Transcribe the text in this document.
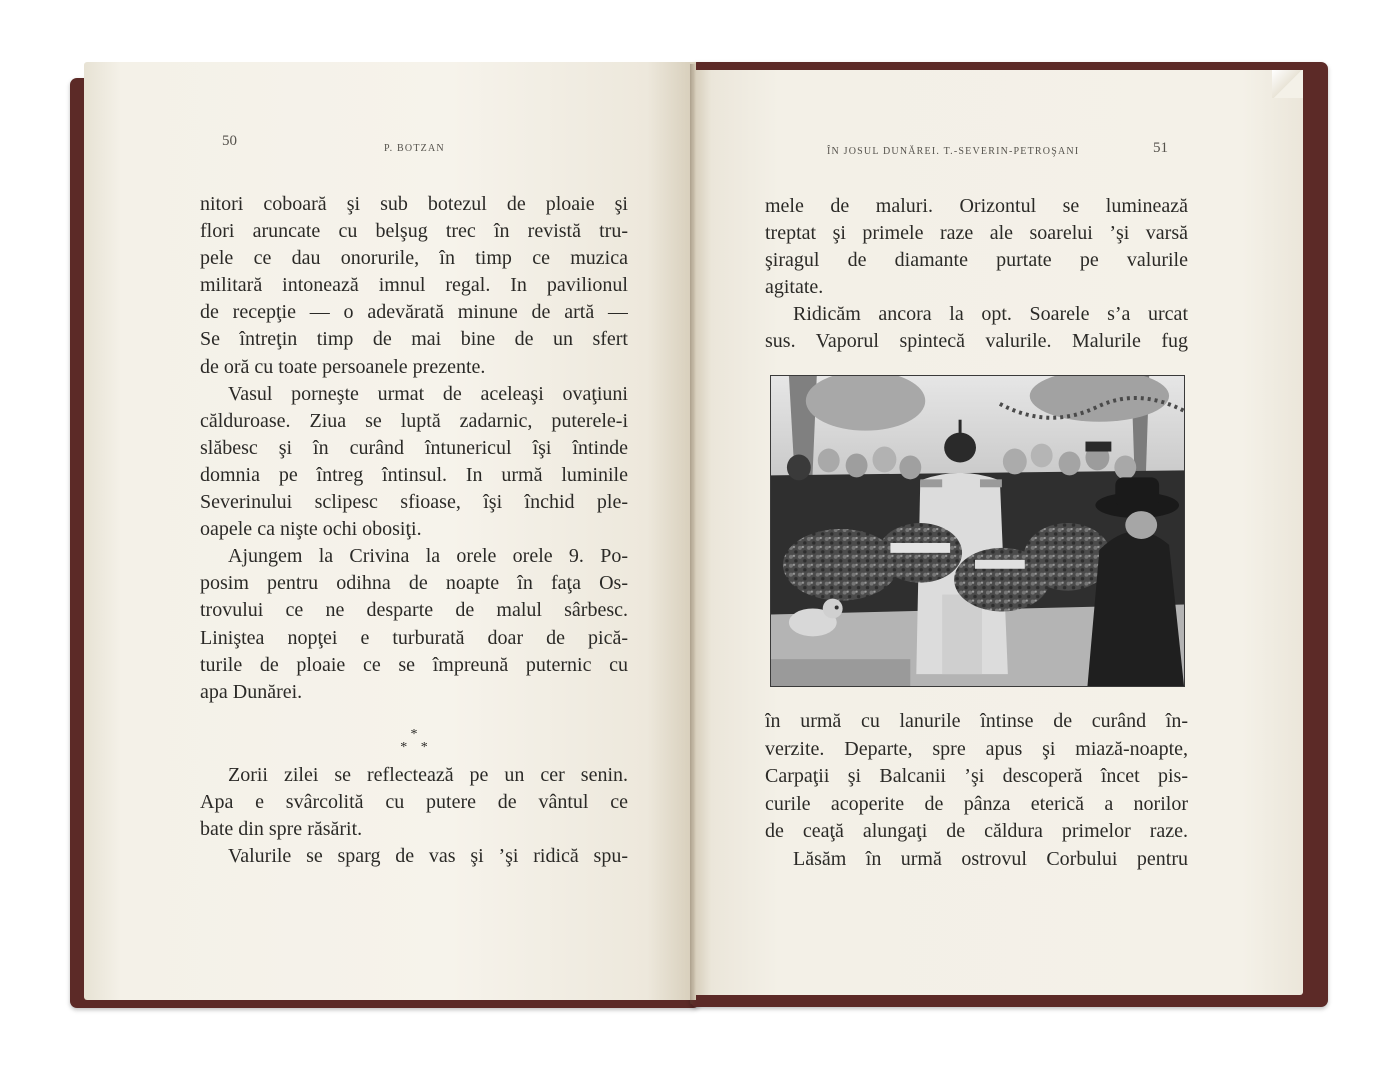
50	P. BOTZAN	ÎN JOSUL DUNĂREI. T.-SEVERIN-PETROŞANI	51
nitori coboară şi sub botezul de ploaie şi
flori aruncate cu belşug trec în revistă tru-
pele ce dau onorurile, în timp ce muzica
militară intonează imnul regal. In pavilionul
de recepţie — o adevărată minune de artă —
Se întreţin timp de mai bine de un sfert
de oră cu toate persoanele prezente.
Vasul porneşte urmat de aceleaşi ovaţiuni
călduroase. Ziua se luptă zadarnic, puterele-i
slăbesc şi în curând întunericul îşi întinde
domnia pe întreg întinsul. In urmă luminile
Severinului sclipesc sfioase, îşi închid ple-
oapele ca nişte ochi obosiţi.
Ajungem la Crivina la orele orele 9. Po-
posim pentru odihna de noapte în faţa Os-
trovului ce ne desparte de malul sârbesc.
Liniştea nopţei e turburată doar de pică-
turile de ploaie ce se împreună puternic cu
apa Dunărei.
*
* *
Zorii zilei se reflectează pe un cer senin.
Apa e svârcolită cu putere de vântul ce
bate din spre răsărit.
Valurile se sparg de vas şi ’şi ridică spu-
mele de maluri. Orizontul se luminează
treptat şi primele raze ale soarelui ’şi varsă
şiragul de diamante purtate pe valurile
agitate.
Ridicăm ancora la opt. Soarele s’a urcat
sus. Vaporul spintecă valurile. Malurile fug
în urmă cu lanurile întinse de curând în-
verzite. Departe, spre apus şi miază-noapte,
Carpaţii şi Balcanii ’şi descoperă încet pis-
curile acoperite de pânza eterică a norilor
de ceaţă alungaţi de căldura primelor raze.
Lăsăm în urmă ostrovul Corbului pentru
